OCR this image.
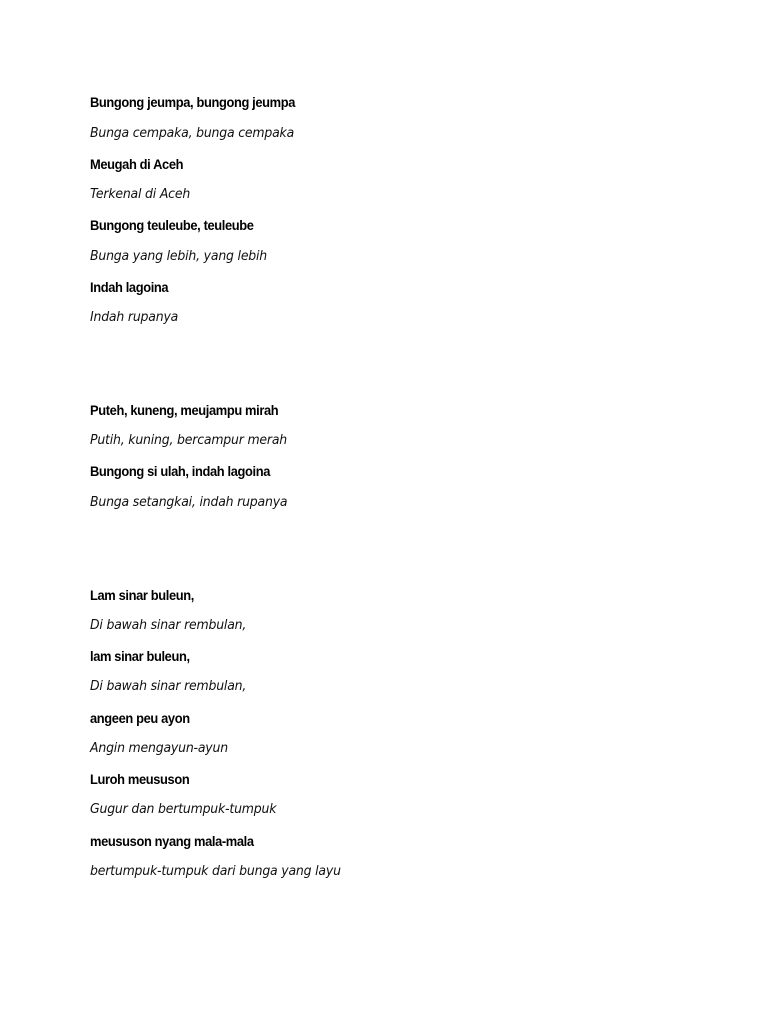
Bungong jeumpa, bungong jeumpa

Bunga cempaka, bunga cempaka

Meugah di Aceh

Terkenal di Aceh

Bungong teuleube, teuleube

Bunga yang lebih, yang lebih

Indah lagoina

Indah rupanya

Puteh, kuneng, meujampu mirah

Putih, kuning, bercampur merah

Bungong si ulah, indah lagoina

Bunga setangkai, indah rupanya

Lam sinar buleun,

Di bawah sinar rembulan,

lam sinar buleun,

Di bawah sinar rembulan,

angeen peu ayon

Angin mengayun-ayun

Luroh meususon

Gugur dan bertumpuk-tumpuk

meususon nyang mala-mala

bertumpuk-tumpuk dari bunga yang layu
